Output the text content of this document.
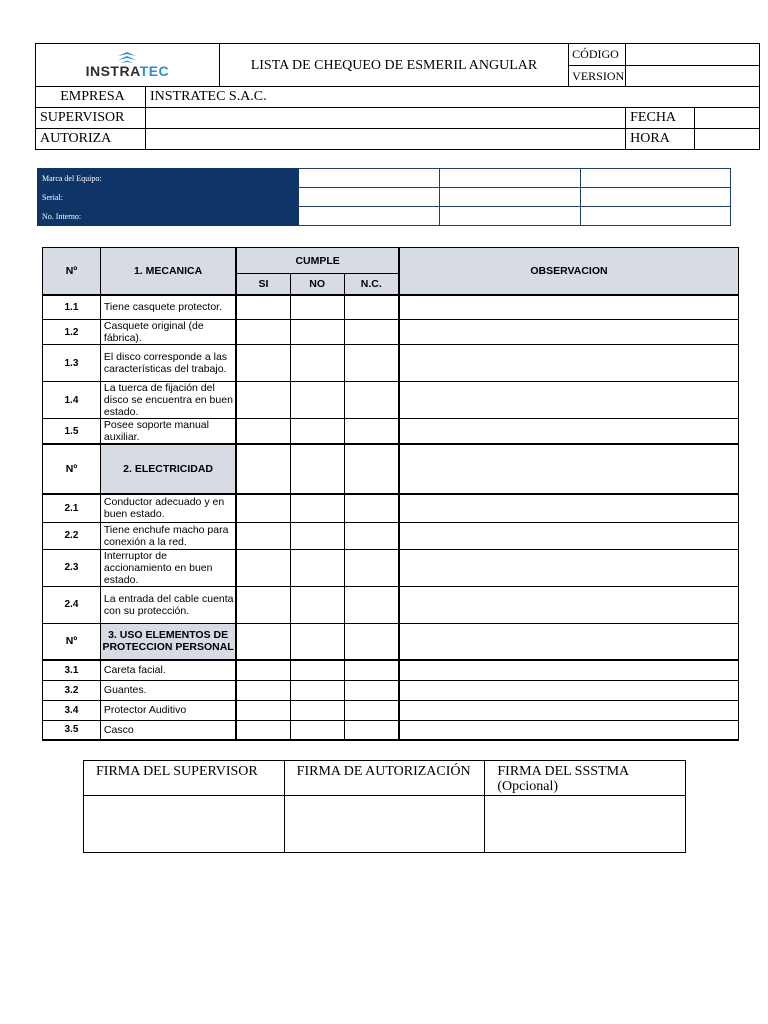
INSTRATEC		LISTA DE CHEQUEO DE ESMERIL ANGULAR	CÓDIGO		
			VERSION		
EMPRESA	INSTRATEC S.A.C.				
SUPERVISOR				FECHA	
AUTORIZA				HORA	
Marca del Equipo:			
Serial:			
No. Interno:			
Nº	1. MECANICA	CUMPLE			OBSERVACION
		SI	NO	N.C.	
1.1	Tiene casquete protector.				
1.2	Casquete original (de fábrica).				
1.3	El disco corresponde a las características del trabajo.				
1.4	La tuerca de fijación del disco se encuentra en buen estado.				
1.5	Posee soporte manual auxiliar.				
Nº	2. ELECTRICIDAD				
2.1	Conductor adecuado y en buen estado.				
2.2	Tiene enchufe macho para conexión a la red.				
2.3	Interruptor de accionamiento en buen estado.				
2.4	La entrada del cable cuenta con su protección.				
Nº	3. USO ELEMENTOS DE PROTECCION PERSONAL				
3.1	Careta facial.				
3.2	Guantes.				
3.4	Protector Auditivo				
3.5	Casco				
FIRMA DEL SUPERVISOR	FIRMA DE AUTORIZACIÓN	FIRMA DEL SSSTMA
(Opcional)
